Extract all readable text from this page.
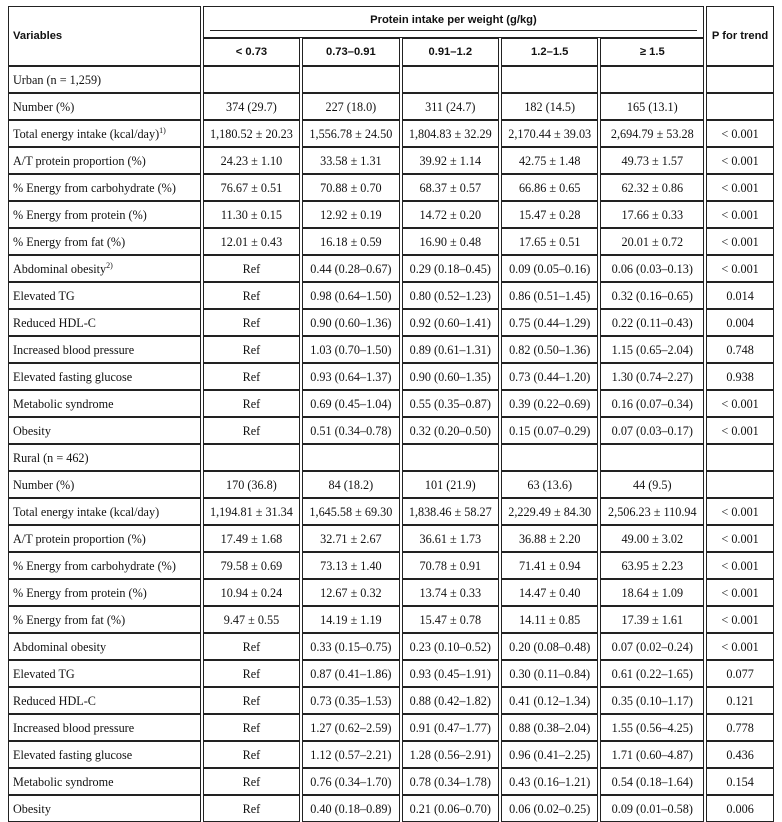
Variables	Protein intake per weight (g/kg)					P for trend
	< 0.73	0.73–0.91	0.91–1.2	1.2–1.5	≥ 1.5	
Urban (n = 1,259)						
Number (%)	374 (29.7)	227 (18.0)	311 (24.7)	182 (14.5)	165 (13.1)	
Total energy intake (kcal/day)$^{1)}$	1,180.52 ± 20.23	1,556.78 ± 24.50	1,804.83 ± 32.29	2,170.44 ± 39.03	2,694.79 ± 53.28	< 0.001
A/T protein proportion (%)	24.23 ± 1.10	33.58 ± 1.31	39.92 ± 1.14	42.75 ± 1.48	49.73 ± 1.57	< 0.001
% Energy from carbohydrate (%)	76.67 ± 0.51	70.88 ± 0.70	68.37 ± 0.57	66.86 ± 0.65	62.32 ± 0.86	< 0.001
% Energy from protein (%)	11.30 ± 0.15	12.92 ± 0.19	14.72 ± 0.20	15.47 ± 0.28	17.66 ± 0.33	< 0.001
% Energy from fat (%)	12.01 ± 0.43	16.18 ± 0.59	16.90 ± 0.48	17.65 ± 0.51	20.01 ± 0.72	< 0.001
Abdominal obesity$^{2)}$	Ref	0.44 (0.28–0.67)	0.29 (0.18–0.45)	0.09 (0.05–0.16)	0.06 (0.03–0.13)	< 0.001
Elevated TG	Ref	0.98 (0.64–1.50)	0.80 (0.52–1.23)	0.86 (0.51–1.45)	0.32 (0.16–0.65)	0.014
Reduced HDL-C	Ref	0.90 (0.60–1.36)	0.92 (0.60–1.41)	0.75 (0.44–1.29)	0.22 (0.11–0.43)	0.004
Increased blood pressure	Ref	1.03 (0.70–1.50)	0.89 (0.61–1.31)	0.82 (0.50–1.36)	1.15 (0.65–2.04)	0.748
Elevated fasting glucose	Ref	0.93 (0.64–1.37)	0.90 (0.60–1.35)	0.73 (0.44–1.20)	1.30 (0.74–2.27)	0.938
Metabolic syndrome	Ref	0.69 (0.45–1.04)	0.55 (0.35–0.87)	0.39 (0.22–0.69)	0.16 (0.07–0.34)	< 0.001
Obesity	Ref	0.51 (0.34–0.78)	0.32 (0.20–0.50)	0.15 (0.07–0.29)	0.07 (0.03–0.17)	< 0.001
Rural (n = 462)						
Number (%)	170 (36.8)	84 (18.2)	101 (21.9)	63 (13.6)	44 (9.5)	
Total energy intake (kcal/day)	1,194.81 ± 31.34	1,645.58 ± 69.30	1,838.46 ± 58.27	2,229.49 ± 84.30	2,506.23 ± 110.94	< 0.001
A/T protein proportion (%)	17.49 ± 1.68	32.71 ± 2.67	36.61 ± 1.73	36.88 ± 2.20	49.00 ± 3.02	< 0.001
% Energy from carbohydrate (%)	79.58 ± 0.69	73.13 ± 1.40	70.78 ± 0.91	71.41 ± 0.94	63.95 ± 2.23	< 0.001
% Energy from protein (%)	10.94 ± 0.24	12.67 ± 0.32	13.74 ± 0.33	14.47 ± 0.40	18.64 ± 1.09	< 0.001
% Energy from fat (%)	9.47 ± 0.55	14.19 ± 1.19	15.47 ± 0.78	14.11 ± 0.85	17.39 ± 1.61	< 0.001
Abdominal obesity	Ref	0.33 (0.15–0.75)	0.23 (0.10–0.52)	0.20 (0.08–0.48)	0.07 (0.02–0.24)	< 0.001
Elevated TG	Ref	0.87 (0.41–1.86)	0.93 (0.45–1.91)	0.30 (0.11–0.84)	0.61 (0.22–1.65)	0.077
Reduced HDL-C	Ref	0.73 (0.35–1.53)	0.88 (0.42–1.82)	0.41 (0.12–1.34)	0.35 (0.10–1.17)	0.121
Increased blood pressure	Ref	1.27 (0.62–2.59)	0.91 (0.47–1.77)	0.88 (0.38–2.04)	1.55 (0.56–4.25)	0.778
Elevated fasting glucose	Ref	1.12 (0.57–2.21)	1.28 (0.56–2.91)	0.96 (0.41–2.25)	1.71 (0.60–4.87)	0.436
Metabolic syndrome	Ref	0.76 (0.34–1.70)	0.78 (0.34–1.78)	0.43 (0.16–1.21)	0.54 (0.18–1.64)	0.154
Obesity	Ref	0.40 (0.18–0.89)	0.21 (0.06–0.70)	0.06 (0.02–0.25)	0.09 (0.01–0.58)	0.006
